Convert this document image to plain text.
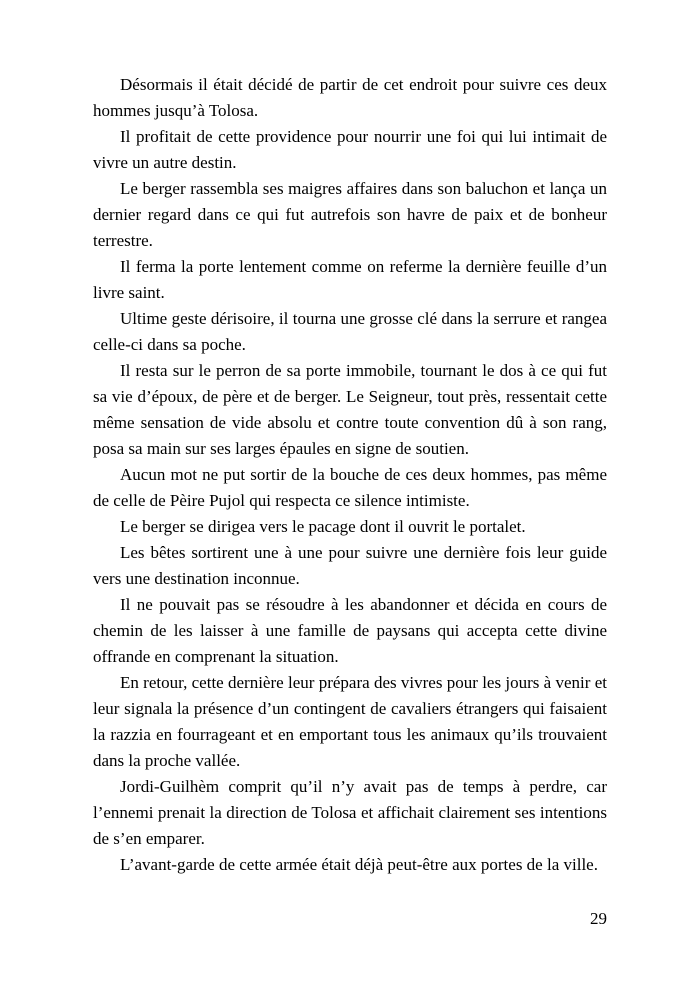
Désormais il était décidé de partir de cet endroit pour suivre ces deux hommes jusqu’à Tolosa.

Il profitait de cette providence pour nourrir une foi qui lui intimait de vivre un autre destin.

Le berger rassembla ses maigres affaires dans son baluchon et lança un dernier regard dans ce qui fut autrefois son havre de paix et de bonheur terrestre.

Il ferma la porte lentement comme on referme la dernière feuille d’un livre saint.

Ultime geste dérisoire, il tourna une grosse clé dans la serrure et rangea celle-ci dans sa poche.

Il resta sur le perron de sa porte immobile, tournant le dos à ce qui fut sa vie d’époux, de père et de berger. Le Seigneur, tout près, ressentait cette même sensation de vide absolu et contre toute convention dû à son rang, posa sa main sur ses larges épaules en signe de soutien.

Aucun mot ne put sortir de la bouche de ces deux hommes, pas même de celle de Pèire Pujol qui respecta ce silence intimiste.

Le berger se dirigea vers le pacage dont il ouvrit le portalet.

Les bêtes sortirent une à une pour suivre une dernière fois leur guide vers une destination inconnue.

Il ne pouvait pas se résoudre à les abandonner et décida en cours de chemin de les laisser à une famille de paysans qui accepta cette divine offrande en comprenant la situation.

En retour, cette dernière leur prépara des vivres pour les jours à venir et leur signala la présence d’un contingent de cavaliers étrangers qui faisaient la razzia en fourrageant et en emportant tous les animaux qu’ils trouvaient dans la proche vallée.

Jordi-Guilhèm comprit qu’il n’y avait pas de temps à perdre, car l’ennemi prenait la direction de Tolosa et affichait clairement ses intentions de s’en emparer.

L’avant-garde de cette armée était déjà peut-être aux portes de la ville.

29
